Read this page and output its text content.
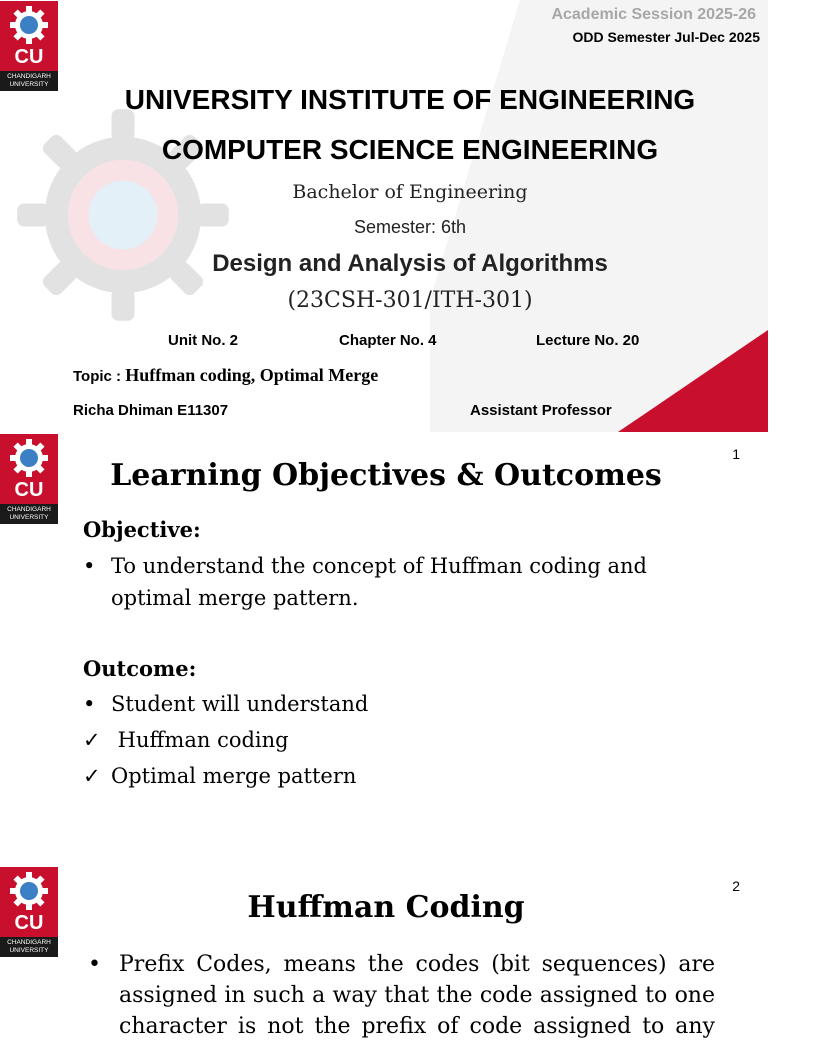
CU
CHANDIGARH
UNIVERSITY
Academic Session 2025-26
ODD Semester Jul-Dec 2025
UNIVERSITY INSTITUTE OF ENGINEERING
COMPUTER SCIENCE ENGINEERING
Bachelor of Engineering
Semester: 6th
Design and Analysis of Algorithms
(23CSH-301/ITH-301)
Unit No. 2	Chapter No. 4	Lecture No. 20
Topic : Huffman coding, Optimal Merge
Richa Dhiman E11307	Assistant Professor
CU
CHANDIGARH
UNIVERSITY
1
Learning Objectives & Outcomes
Objective:
• To understand the concept of Huffman coding and
optimal merge pattern.
Outcome:
• Student will understand
✓ Huffman coding
✓ Optimal merge pattern
CU
CHANDIGARH
UNIVERSITY
2
Huffman Coding
• Prefix Codes, means the codes (bit sequences) are
assigned in such a way that the code assigned to one
character is not the prefix of code assigned to any
